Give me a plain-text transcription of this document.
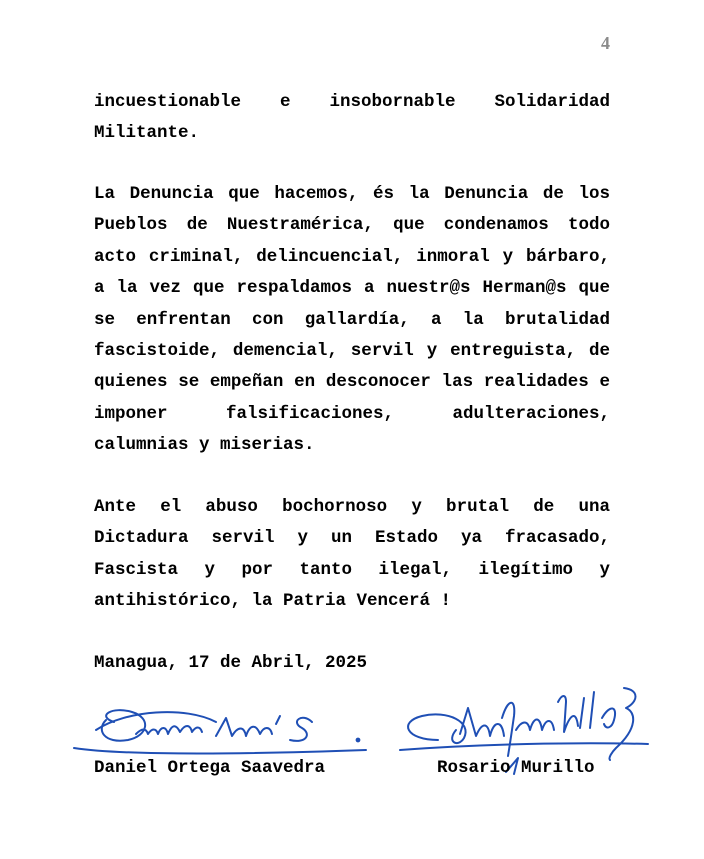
4

incuestionable e insobornable Solidaridad Militante.

La Denuncia que hacemos, és la Denuncia de los Pueblos de Nuestramérica, que condenamos todo acto criminal, delincuencial, inmoral y bárbaro, a la vez que respaldamos a nuestr@s Herman@s que se enfrentan con gallardía, a la brutalidad fascistoide, demencial, servil y entreguista, de quienes se empeñan en desconocer las realidades e imponer falsificaciones, adulteraciones, calumnias y miserias.

Ante el abuso bochornoso y brutal de una Dictadura servil y un Estado ya fracasado, Fascista y por tanto ilegal, ilegítimo y antihistórico, la Patria Vencerá !

Managua, 17 de Abril, 2025
Daniel Ortega Saavedra	Rosario Murillo
